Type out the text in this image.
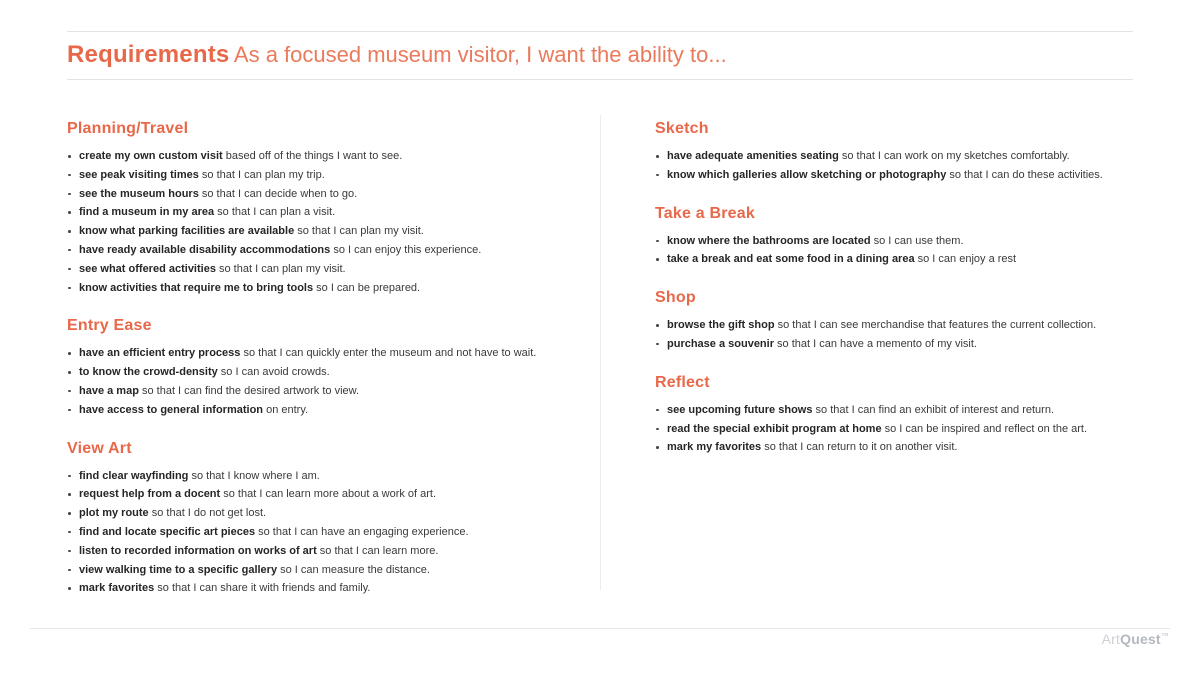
Requirements As a focused museum visitor, I want the ability to...
Planning/Travel
create my own custom visit based off of the things I want to see.
see peak visiting times so that I can plan my trip.
see the museum hours so that I can decide when to go.
find a museum in my area so that I can plan a visit.
know what parking facilities are available so that I can plan my visit.
have ready available disability accommodations so I can enjoy this experience.
see what offered activities so that I can plan my visit.
know activities that require me to bring tools so I can be prepared.
Entry Ease
have an efficient entry process so that I can quickly enter the museum and not have to wait.
to know the crowd-density so I can avoid crowds.
have a map so that I can find the desired artwork to view.
have access to general information on entry.
View Art
find clear wayfinding so that I know where I am.
request help from a docent so that I can learn more about a work of art.
plot my route so that I do not get lost.
find and locate specific art pieces so that I can have an engaging experience.
listen to recorded information on works of art so that I can learn more.
view walking time to a specific gallery so I can measure the distance.
mark favorites so that I can share it with friends and family.
Sketch
have adequate amenities seating so that I can work on my sketches comfortably.
know which galleries allow sketching or photography so that I can do these activities.
Take a Break
know where the bathrooms are located so I can use them.
take a break and eat some food in a dining area so I can enjoy a rest
Shop
browse the gift shop so that I can see merchandise that features the current collection.
purchase a souvenir so that I can have a memento of my visit.
Reflect
see upcoming future shows so that I can find an exhibit of interest and return.
read the special exhibit program at home so I can be inspired and reflect on the art.
mark my favorites so that I can return to it on another visit.
ArtQuest™
